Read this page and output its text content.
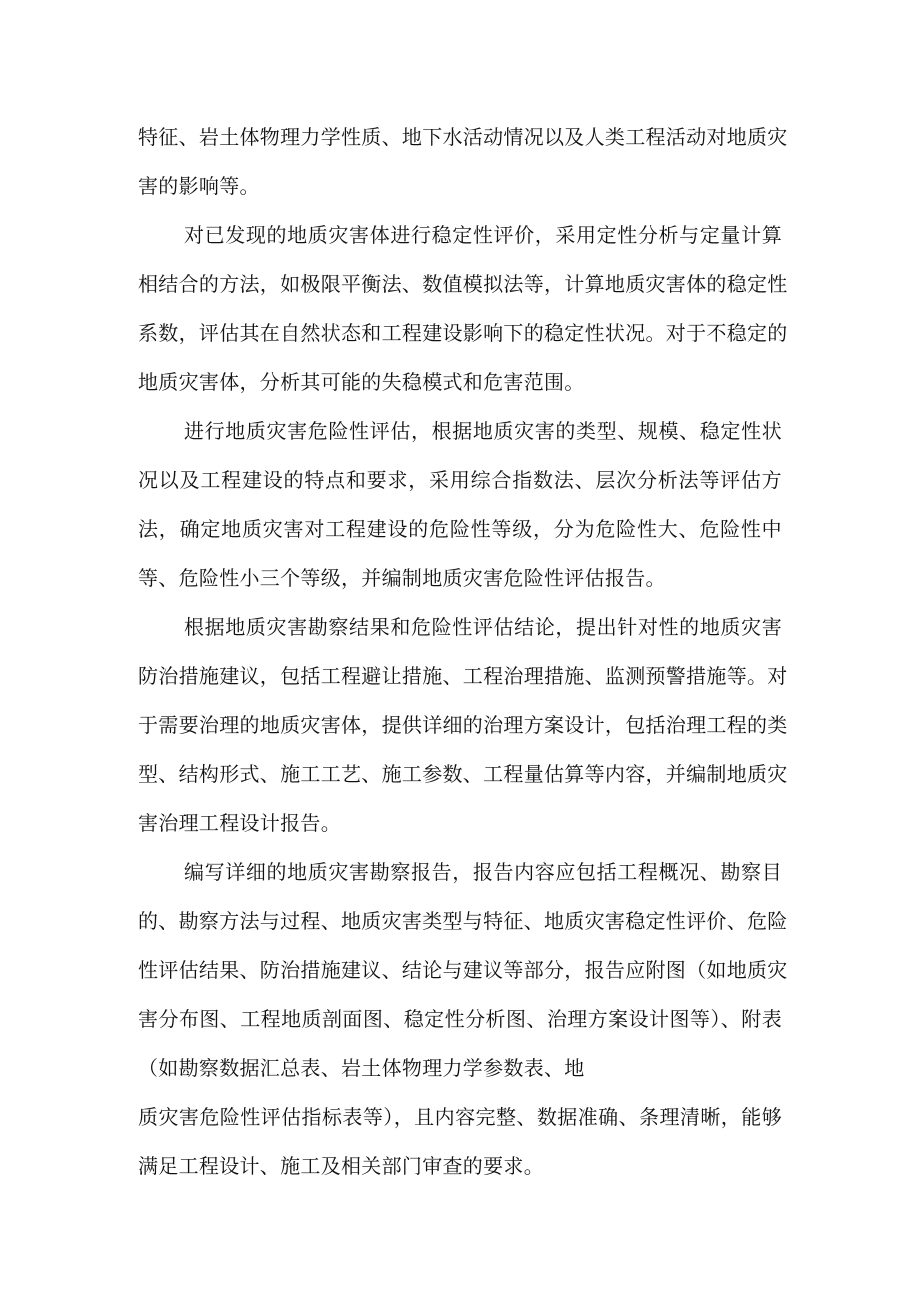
特征、岩土体物理力学性质、地下水活动情况以及人类工程活动对地质灾
害的影响等。
对已发现的地质灾害体进行稳定性评价，采用定性分析与定量计算
相结合的方法，如极限平衡法、数值模拟法等，计算地质灾害体的稳定性
系数，评估其在自然状态和工程建设影响下的稳定性状况。对于不稳定的
地质灾害体，分析其可能的失稳模式和危害范围。
进行地质灾害危险性评估，根据地质灾害的类型、规模、稳定性状
况以及工程建设的特点和要求，采用综合指数法、层次分析法等评估方
法，确定地质灾害对工程建设的危险性等级，分为危险性大、危险性中
等、危险性小三个等级，并编制地质灾害危险性评估报告。
根据地质灾害勘察结果和危险性评估结论，提出针对性的地质灾害
防治措施建议，包括工程避让措施、工程治理措施、监测预警措施等。对
于需要治理的地质灾害体，提供详细的治理方案设计，包括治理工程的类
型、结构形式、施工工艺、施工参数、工程量估算等内容，并编制地质灾
害治理工程设计报告。
编写详细的地质灾害勘察报告，报告内容应包括工程概况、勘察目
的、勘察方法与过程、地质灾害类型与特征、地质灾害稳定性评价、危险
性评估结果、防治措施建议、结论与建议等部分，报告应附图（如地质灾
害分布图、工程地质剖面图、稳定性分析图、治理方案设计图等）、附表
（如勘察数据汇总表、岩土体物理力学参数表、地
质灾害危险性评估指标表等），且内容完整、数据准确、条理清晰，能够
满足工程设计、施工及相关部门审查的要求。
